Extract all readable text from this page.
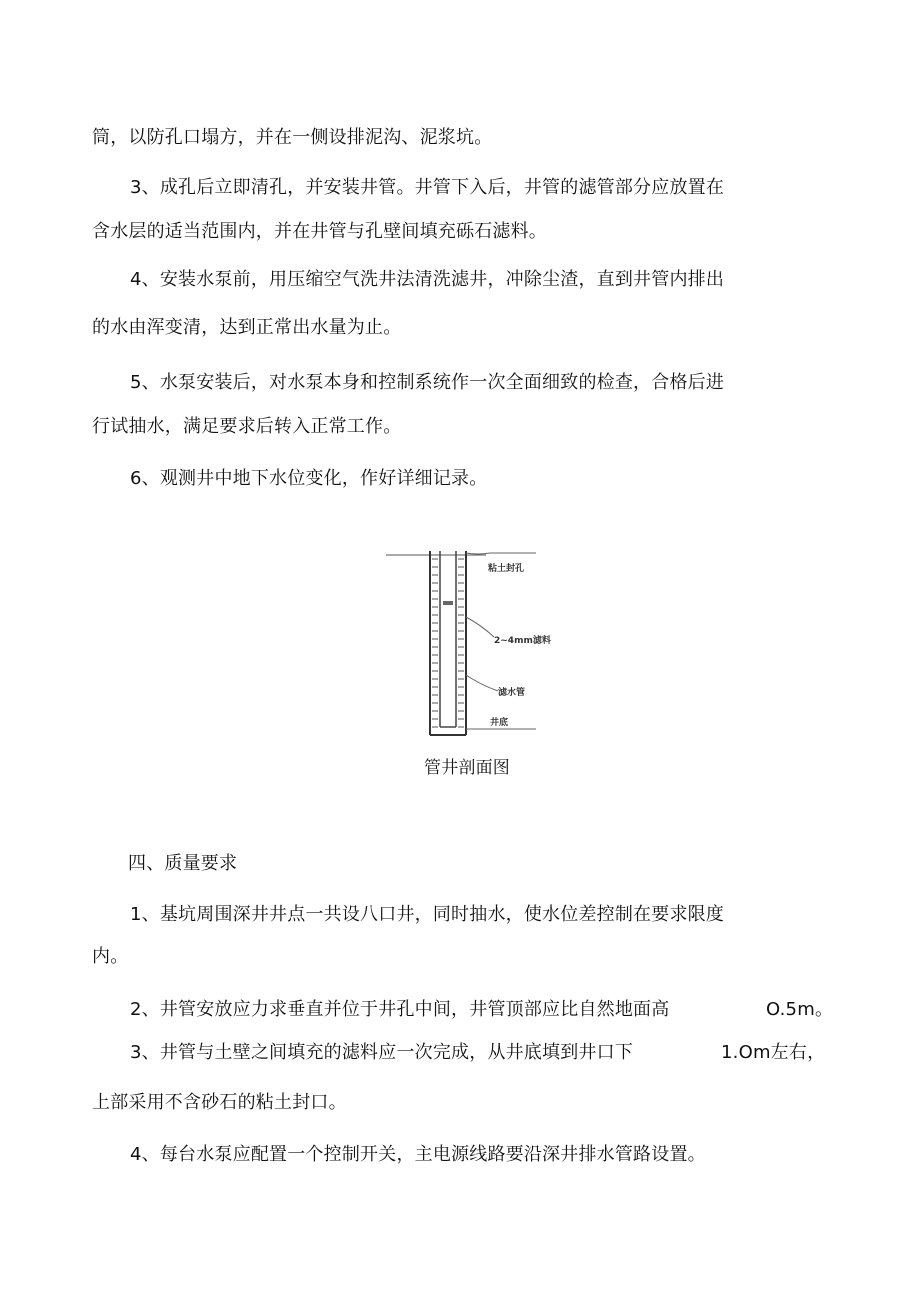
筒，以防孔口塌方，并在一侧设排泥沟、泥浆坑。
3、成孔后立即清孔，并安装井管。井管下入后，井管的滤管部分应放置在
含水层的适当范围内，并在井管与孔壁间填充砾石滤料。
4、安装水泵前，用压缩空气洗井法清洗滤井，冲除尘渣，直到井管内排出
的水由浑变清，达到正常出水量为止。
5、水泵安装后，对水泵本身和控制系统作一次全面细致的检查，合格后进
行试抽水，满足要求后转入正常工作。
6、观测井中地下水位变化，作好详细记录。
粘土封孔
2~4mm滤料
滤水管
井底
管井剖面图
四、质量要求
1、基坑周围深井井点一共设八口井，同时抽水，使水位差控制在要求限度
内。
2、井管安放应力求垂直并位于井孔中间，井管顶部应比自然地面高	O.5m。
3、井管与土壁之间填充的滤料应一次完成，从井底填到井口下	1.Om左右，
上部采用不含砂石的粘土封口。
4、每台水泵应配置一个控制开关，主电源线路要沿深井排水管路设置。
